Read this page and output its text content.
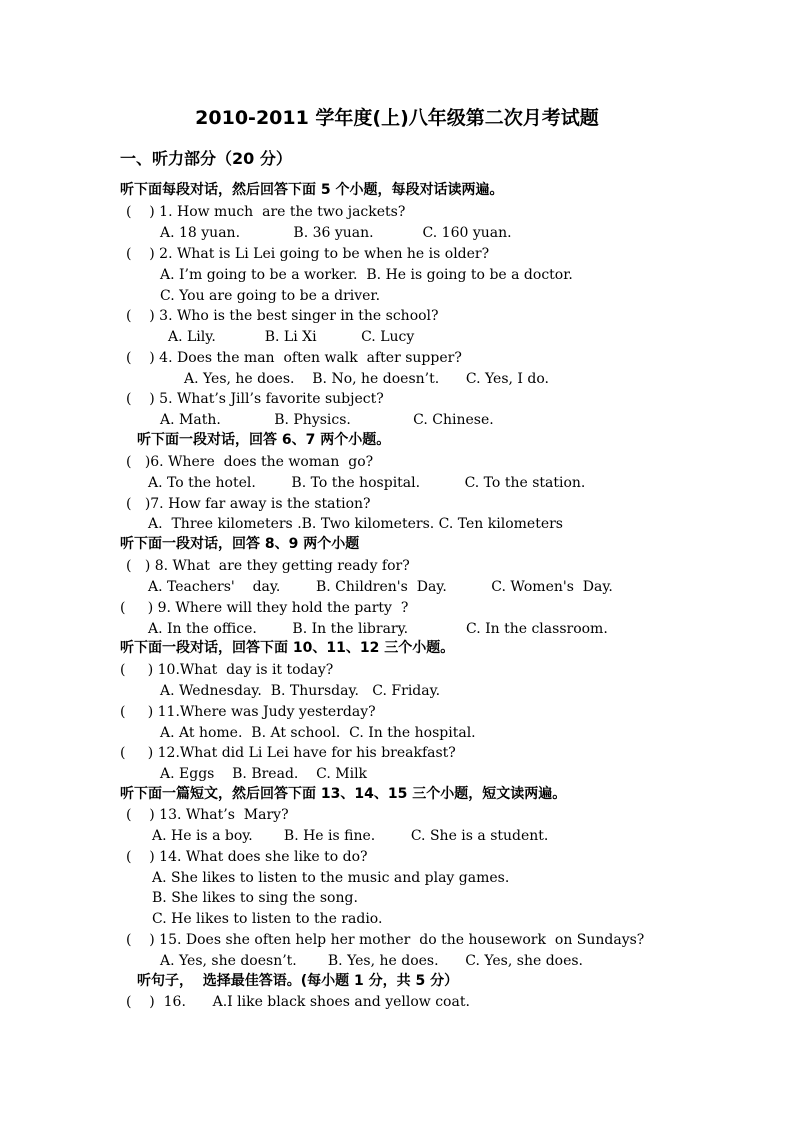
2010-2011 学年度(上)八年级第二次月考试题
一、听力部分（20 分）
听下面每段对话，然后回答下面 5 个小题，每段对话读两遍。
(    ) 1. How much  are the two jackets?
A. 18 yuan.            B. 36 yuan.           C. 160 yuan.
(    ) 2. What is Li Lei going to be when he is older?
A. I’m going to be a worker.  B. He is going to be a doctor.
C. You are going to be a driver.
(    ) 3. Who is the best singer in the school?
A. Lily.           B. Li Xi          C. Lucy
(    ) 4. Does the man  often walk  after supper?
A. Yes, he does.    B. No, he doesn’t.      C. Yes, I do.
(    ) 5. What’s Jill’s favorite subject?
A. Math.            B. Physics.              C. Chinese.
听下面一段对话，回答 6、7 两个小题。
(   )6. Where  does the woman  go?
A. To the hotel.        B. To the hospital.          C. To the station.
(   )7. How far away is the station?
A.  Three kilometers .B. Two kilometers. C. Ten kilometers
听下面一段对话，回答 8、9 两个小题
(   ) 8. What  are they getting ready for?
A. Teachers'    day.        B. Children's  Day.          C. Women's  Day.
(     ) 9. Where will they hold the party  ?
A. In the office.        B. In the library.             C. In the classroom.
听下面一段对话，回答下面 10、11、12 三个小题。
(     ) 10.What  day is it today?
A. Wednesday.  B. Thursday.   C. Friday.
(     ) 11.Where was Judy yesterday?
A. At home.  B. At school.  C. In the hospital.
(     ) 12.What did Li Lei have for his breakfast?
A. Eggs    B. Bread.    C. Milk
听下面一篇短文，然后回答下面 13、14、15 三个小题，短文读两遍。
(    ) 13. What’s  Mary?
A. He is a boy.       B. He is fine.        C. She is a student.
(    ) 14. What does she like to do?
A. She likes to listen to the music and play games.
B. She likes to sing the song.
C. He likes to listen to the radio.
(    ) 15. Does she often help her mother  do the housework  on Sundays?
A. Yes, she doesn’t.       B. Yes, he does.      C. Yes, she does.
听句子，  选择最佳答语。(每小题 1 分，共 5 分）
(    )  16.      A.I like black shoes and yellow coat.
